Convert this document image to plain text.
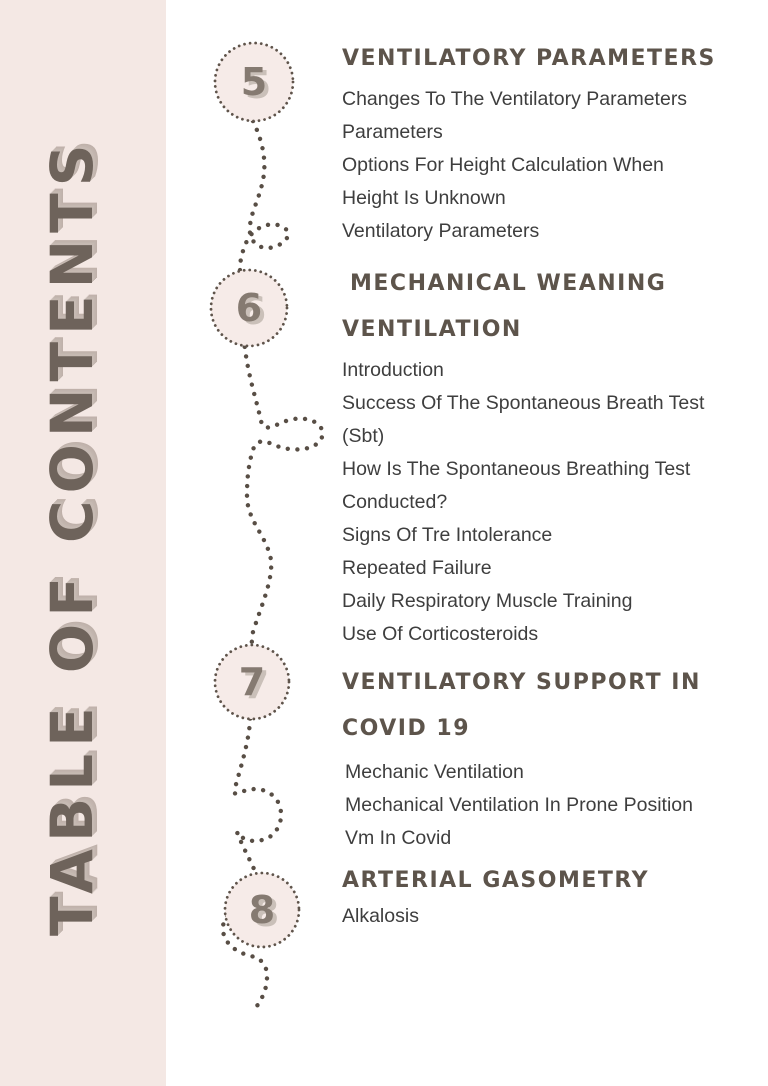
TABLE OF CONTENTS
5
6
7
8
VENTILATORY PARAMETERS
Changes To The Ventilatory Parameters
Parameters
Options For Height Calculation When
Height Is Unknown
Ventilatory Parameters
MECHANICAL WEANING
VENTILATION
Introduction
Success Of The Spontaneous Breath Test
(Sbt)
How Is The Spontaneous Breathing Test
Conducted?
Signs Of Tre Intolerance
Repeated Failure
Daily Respiratory Muscle Training
Use Of Corticosteroids
VENTILATORY SUPPORT IN
COVID 19
Mechanic Ventilation
Mechanical Ventilation In Prone Position
Vm In Covid
ARTERIAL GASOMETRY
Alkalosis
